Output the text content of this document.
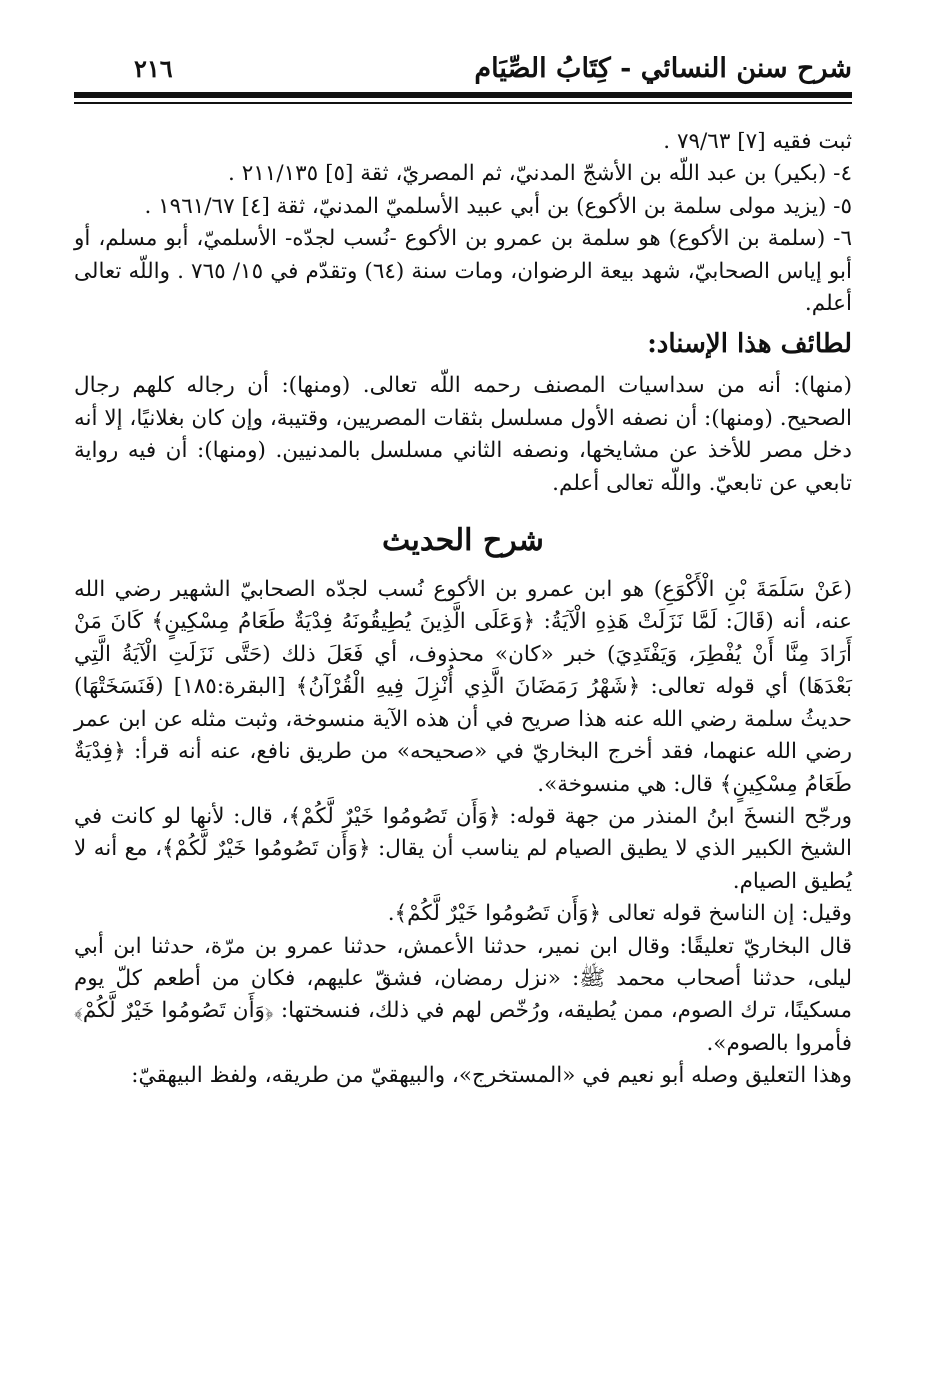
شرح سنن النسائي - كِتَابُ الصِّيَام
٢١٦

ثبت فقيه [٧] ٧٩/٦٣ .

٤- (بكير) بن عبد اللّه بن الأشجّ المدنيّ، ثم المصريّ، ثقة [٥] ٢١١/١٣٥ .

٥- (يزيد مولى سلمة بن الأكوع) بن أبي عبيد الأسلميّ المدنيّ، ثقة [٤] ١٩٦١/٦٧ .

٦- (سلمة بن الأكوع) هو سلمة بن عمرو بن الأكوع -نُسب لجدّه- الأسلميّ، أبو مسلم، أو أبو إياس الصحابيّ، شهد بيعة الرضوان، ومات سنة (٦٤) وتقدّم في ١٥/ ٧٦٥ . واللّه تعالى أعلم.

لطائف هذا الإسناد:

(منها): أنه من سداسيات المصنف رحمه اللّه تعالى. (ومنها): أن رجاله كلهم رجال الصحيح. (ومنها): أن نصفه الأول مسلسل بثقات المصريين، وقتيبة، وإن كان بغلانيًا، إلا أنه دخل مصر للأخذ عن مشايخها، ونصفه الثاني مسلسل بالمدنيين. (ومنها): أن فيه رواية تابعي عن تابعيّ. واللّه تعالى أعلم.

شرح الحديث

(عَنْ سَلَمَةَ بْنِ الْأَكْوَعِ) هو ابن عمرو بن الأكوع نُسب لجدّه الصحابيّ الشهير رضي الله عنه، أنه (قَالَ: لَمَّا نَزَلَتْ هَذِهِ الْآيَةُ: ﴿وَعَلَى الَّذِينَ يُطِيقُونَهُ فِدْيَةٌ طَعَامُ مِسْكِينٍ﴾ كَانَ مَنْ أَرَادَ مِنَّا أَنْ يُفْطِرَ، وَيَفْتَدِيَ) خبر «كان» محذوف، أي فَعَلَ ذلك (حَتَّى نَزَلَتِ الْآيَةُ الَّتِي بَعْدَهَا) أي قوله تعالى: ﴿شَهْرُ رَمَضَانَ الَّذِي أُنْزِلَ فِيهِ الْقُرْآنُ﴾ [البقرة:١٨٥] (فَنَسَخَتْهَا) حديثُ سلمة رضي الله عنه هذا صريح في أن هذه الآية منسوخة، وثبت مثله عن ابن عمر رضي الله عنهما، فقد أخرج البخاريّ في «صحيحه» من طريق نافع، عنه أنه قرأ: ﴿فِدْيَةٌ طَعَامُ مِسْكِينٍ﴾ قال: هي منسوخة».

ورجّح النسخَ ابنُ المنذر من جهة قوله: ﴿وَأَن تَصُومُوا خَيْرٌ لَّكُمْ﴾، قال: لأنها لو كانت في الشيخ الكبير الذي لا يطيق الصيام لم يناسب أن يقال: ﴿وَأَن تَصُومُوا خَيْرٌ لَّكُمْ﴾، مع أنه لا يُطيق الصيام.

وقيل: إن الناسخ قوله تعالى ﴿وَأَن تَصُومُوا خَيْرٌ لَّكُمْ﴾.

قال البخاريّ تعليقًا: وقال ابن نمير، حدثنا الأعمش، حدثنا عمرو بن مرّة، حدثنا ابن أبي ليلى، حدثنا أصحاب محمد ﷺ: «نزل رمضان، فشقّ عليهم، فكان من أطعم كلّ يوم مسكينًا، ترك الصوم، ممن يُطيقه، ورُخّص لهم في ذلك، فنسختها: ﴿وَأَن تَصُومُوا خَيْرٌ لَّكُمْ﴾ فأمروا بالصوم».

وهذا التعليق وصله أبو نعيم في «المستخرج»، والبيهقيّ من طريقه، ولفظ البيهقيّ:
